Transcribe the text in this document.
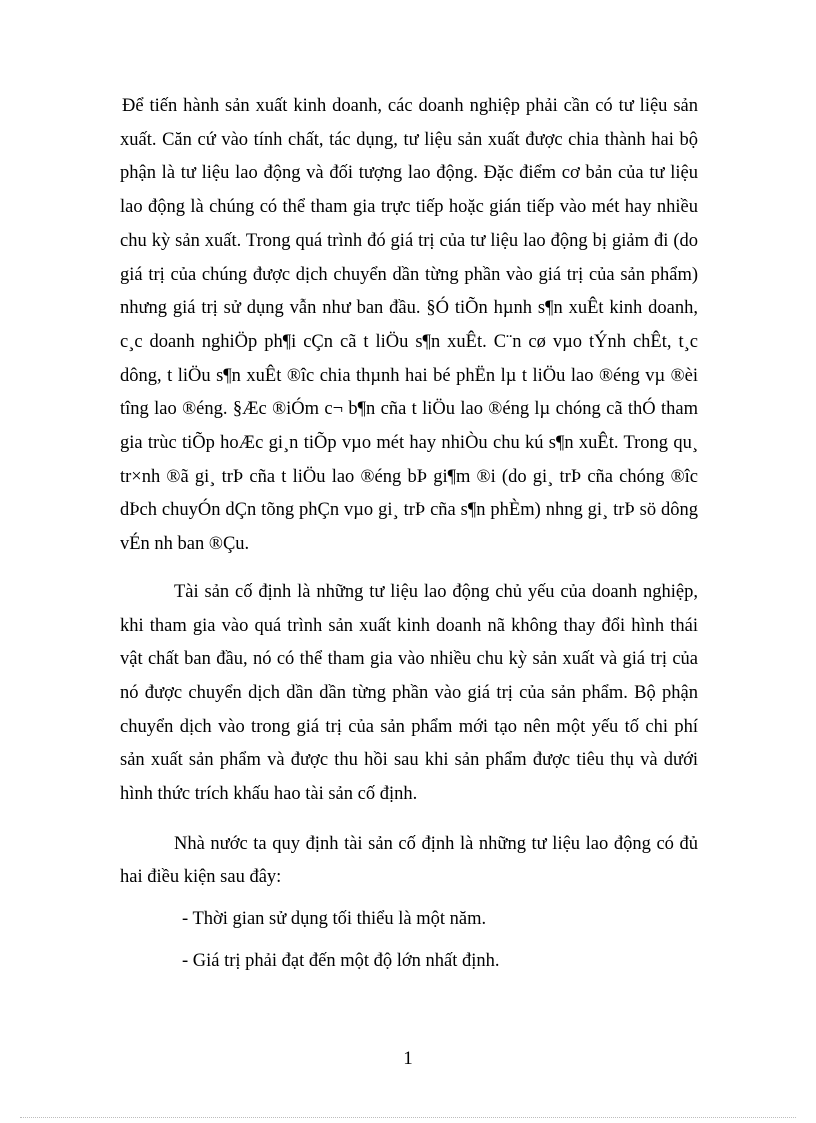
Để tiến hành sản xuất kinh doanh, các doanh nghiệp phải cần có tư liệu sản xuất. Căn cứ vào tính chất, tác dụng, tư liệu sản xuất được chia thành hai bộ phận là tư liệu lao động và đối tượng lao động. Đặc điểm cơ bản của tư liệu lao động là chúng có thể tham gia trực tiếp hoặc gián tiếp vào mét hay nhiều chu kỳ sản xuất. Trong quá trình đó giá trị của tư liệu lao động bị giảm đi (do giá trị của chúng được dịch chuyển dần từng phần vào giá trị của sản phẩm) nhưng giá trị sử dụng vẫn như ban đầu. §Ó tiÕn hµnh s¶n xuÊt kinh doanh, c¸c doanh nghiÖp ph¶i cÇn cã t liÖu s¶n xuÊt. C¨n cø vµo tÝnh chÊt, t¸c dông, t liÖu s¶n xuÊt ®îc chia thµnh hai bé phËn lµ t liÖu lao ®éng vµ ®èi tîng lao ®éng. §Æc ®iÓm c¬ b¶n cña t liÖu lao ®éng lµ chóng cã thÓ tham gia trùc tiÕp hoÆc gi¸n tiÕp vµo mét hay nhiÒu chu kú s¶n xuÊt. Trong qu¸ tr×nh ®ã gi¸ trÞ cña t liÖu lao ®éng bÞ gi¶m ®i (do gi¸ trÞ cña chóng ®îc dÞch chuyÓn dÇn tõng phÇn vµo gi¸ trÞ cña s¶n phÈm) nhng gi¸ trÞ sö dông vÉn nh ban ®Çu.

Tài sản cố định là những tư liệu lao động chủ yếu của doanh nghiệp, khi tham gia vào quá trình sản xuất kinh doanh nã không thay đổi hình thái vật chất ban đầu, nó có thể tham gia vào nhiều chu kỳ sản xuất và giá trị của nó được chuyển dịch dần dần từng phần vào giá trị của sản phẩm. Bộ phận chuyển dịch vào trong giá trị của sản phẩm mới tạo nên một yếu tố chi phí sản xuất sản phẩm và được thu hồi sau khi sản phẩm được tiêu thụ và dưới hình thức trích khấu hao tài sản cố định.

Nhà nước ta quy định tài sản cố định là những tư liệu lao động có đủ hai điều kiện sau đây:

- Thời gian sử dụng tối thiểu là một năm.

- Giá trị phải đạt đến một độ lớn nhất định.

1
